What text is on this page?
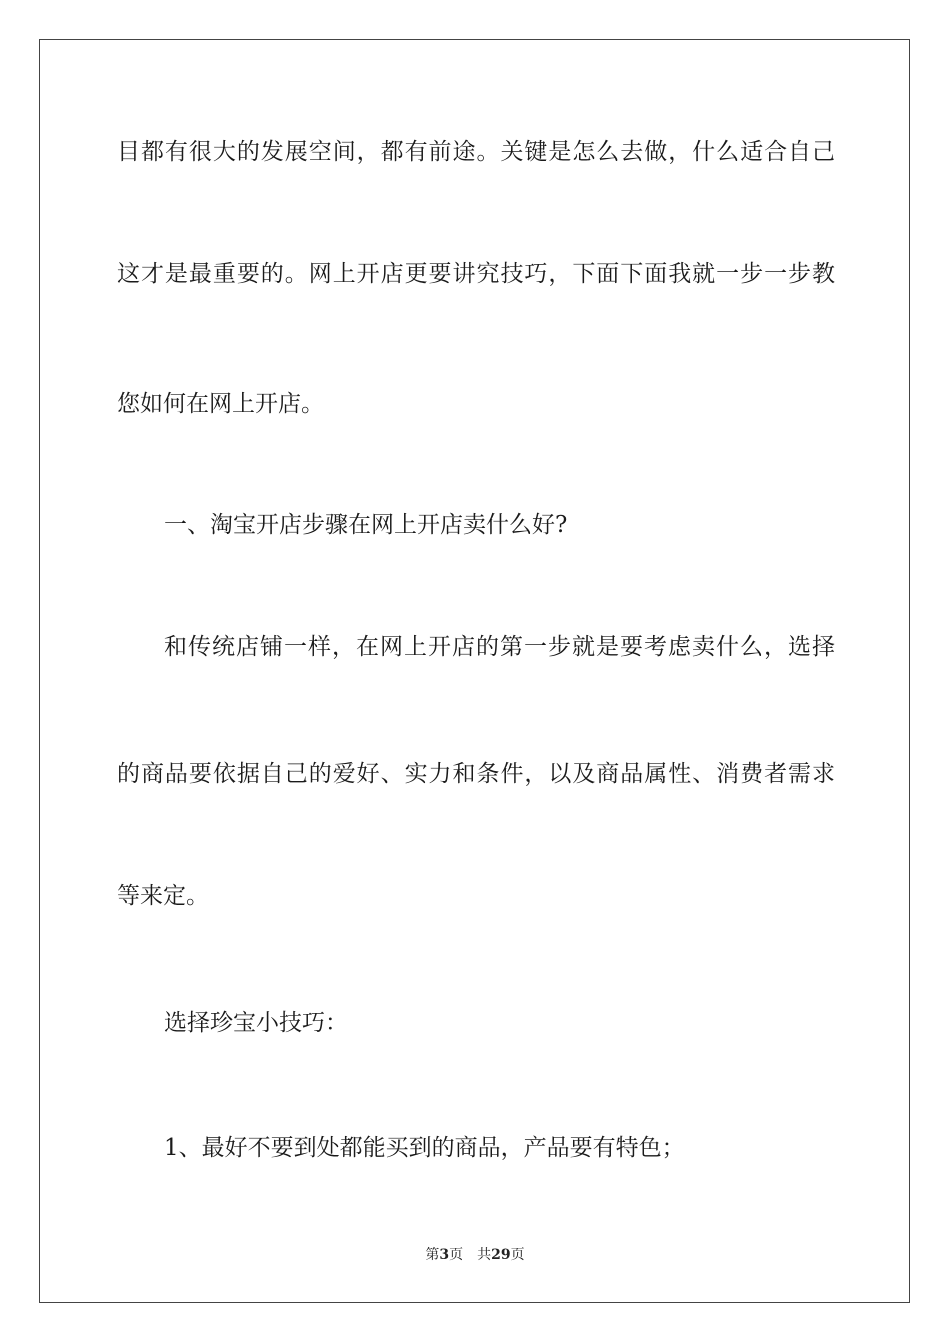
目都有很大的发展空间，都有前途。关键是怎么去做，什么适合自己
这才是最重要的。网上开店更要讲究技巧，下面下面我就一步一步教
您如何在网上开店。
一、淘宝开店步骤在网上开店卖什么好?
和传统店铺一样，在网上开店的第一步就是要考虑卖什么，选择
的商品要依据自己的爱好、实力和条件，以及商品属性、消费者需求
等来定。
选择珍宝小技巧：
1、最好不要到处都能买到的商品，产品要有特色；
第3页 共29页
